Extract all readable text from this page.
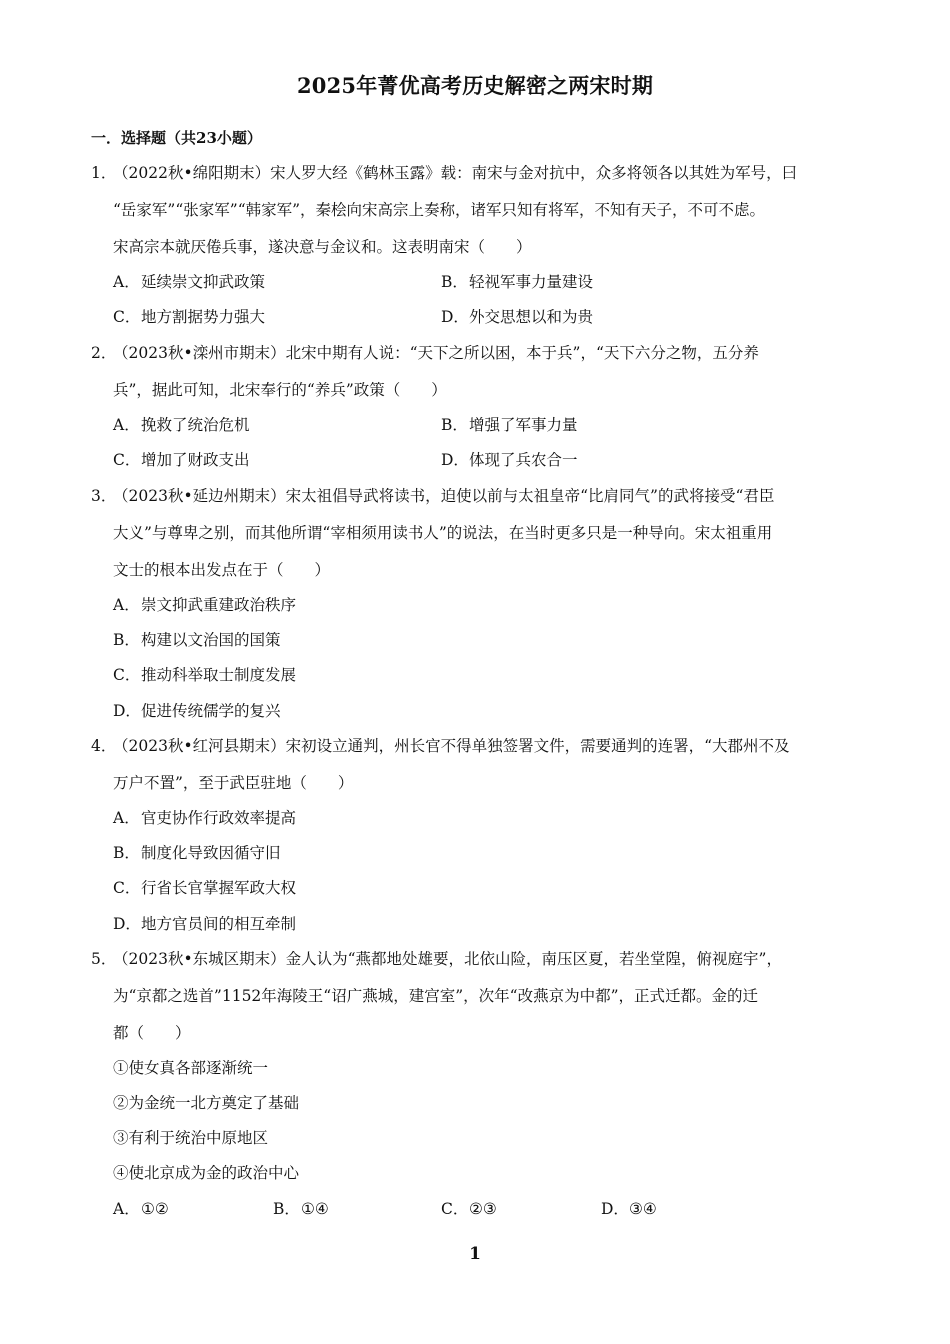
2025年菁优高考历史解密之两宋时期
一．选择题（共23小题）
1．（2022秋•绵阳期末）宋人罗大经《鹤林玉露》载：南宋与金对抗中，众多将领各以其姓为军号，曰
“岳家军”“张家军”“韩家军”，秦桧向宋高宗上奏称，诸军只知有将军，不知有天子，不可不虑。
宋高宗本就厌倦兵事，遂决意与金议和。这表明南宋（　　）
A．延续崇文抑武政策	B．轻视军事力量建设
C．地方割据势力强大	D．外交思想以和为贵
2．（2023秋•滦州市期末）北宋中期有人说：“天下之所以困，本于兵”，“天下六分之物，五分养
兵”，据此可知，北宋奉行的“养兵”政策（　　）
A．挽救了统治危机	B．增强了军事力量
C．增加了财政支出	D．体现了兵农合一
3．（2023秋•延边州期末）宋太祖倡导武将读书，迫使以前与太祖皇帝“比肩同气”的武将接受“君臣
大义”与尊卑之别，而其他所谓“宰相须用读书人”的说法，在当时更多只是一种导向。宋太祖重用
文士的根本出发点在于（　　）
A．崇文抑武重建政治秩序
B．构建以文治国的国策
C．推动科举取士制度发展
D．促进传统儒学的复兴
4．（2023秋•红河县期末）宋初设立通判，州长官不得单独签署文件，需要通判的连署，“大郡州不及
万户不置”，至于武臣驻地（　　）
A．官吏协作行政效率提高
B．制度化导致因循守旧
C．行省长官掌握军政大权
D．地方官员间的相互牵制
5．（2023秋•东城区期末）金人认为“燕都地处雄要，北依山险，南压区夏，若坐堂隍，俯视庭宇”，
为“京都之选首”1152年海陵王“诏广燕城，建宫室”，次年“改燕京为中都”，正式迁都。金的迁
都（　　）
①使女真各部逐渐统一
②为金统一北方奠定了基础
③有利于统治中原地区
④使北京成为金的政治中心
A．①②	B．①④	C．②③	D．③④
1
